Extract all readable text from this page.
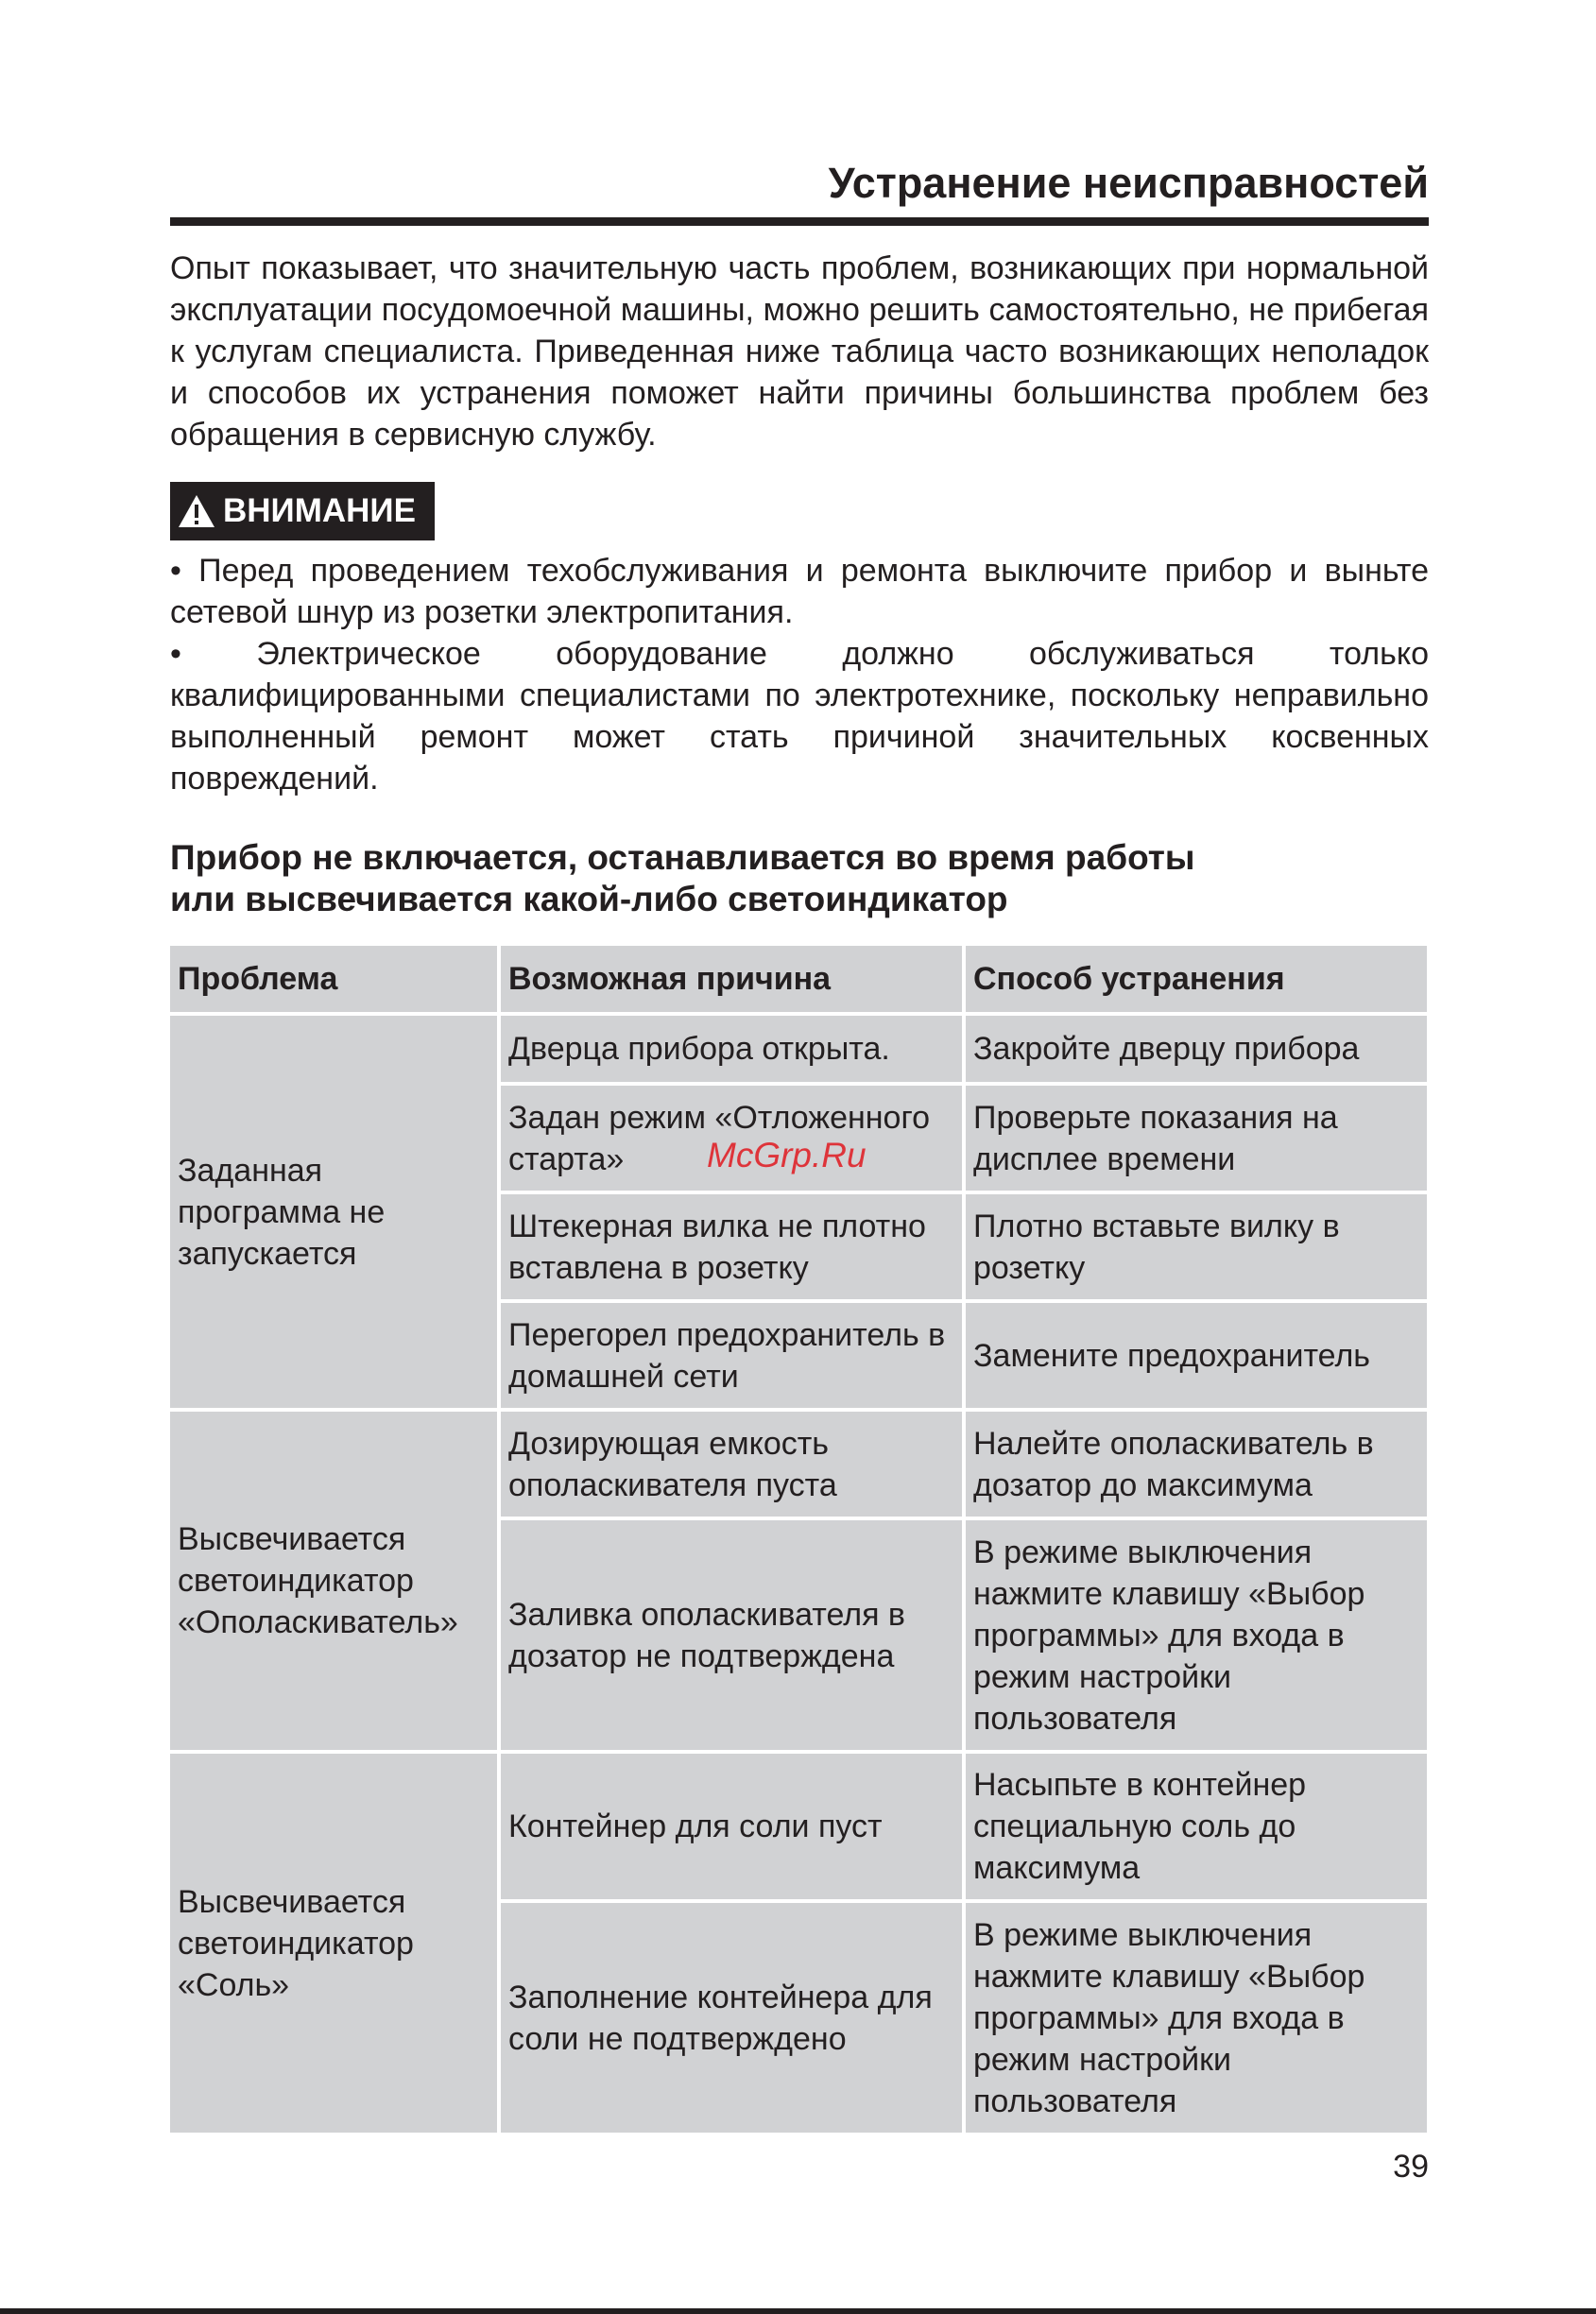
Устранение неисправностей

Опыт показывает, что значительную часть проблем, возникающих при нормальной эксплуатации посудомоечной машины, можно решить самостоятельно, не прибегая к услугам специалиста. Приведенная ниже таблица часто возникающих неполадок и способов их устранения поможет найти причины большинства проблем без обращения в сервисную службу.

ВНИМАНИЕ

• Перед проведением техобслуживания и ремонта выключите прибор и выньте сетевой шнур из розетки электропитания.

• Электрическое оборудование должно обслуживаться только квалифицированными специалистами по электротехнике, поскольку неправильно выполненный ремонт может стать причиной значительных косвенных повреждений.

Прибор не включается, останавливается во время работы
или высвечивается какой-либо светоиндикатор
Проблема	Возможная причина	Способ устранения
Заданная программа не запускается	Дверца прибора открыта.	Закройте дверцу прибора
	Задан режим «Отложенного старта»	Проверьте показания на дисплее времени
	Штекерная вилка не плотно вставлена в розетку	Плотно вставьте вилку в розетку
	Перегорел предохранитель в домашней сети	Замените предохранитель
Высвечивается светоиндикатор «Ополаскиватель»	Дозирующая емкость ополаскивателя пуста	Налейте ополаскиватель в дозатор до максимума
	Заливка ополаскивателя в дозатор не подтверждена	В режиме выключения нажмите клавишу «Выбор программы» для входа в режим настройки пользователя
Высвечивается светоиндикатор «Соль»	Контейнер для соли пуст	Насыпьте в контейнер специальную соль до максимума
	Заполнение контейнера для соли не подтверждено	В режиме выключения нажмите клавишу «Выбор программы» для входа в режим настройки пользователя

39

McGrp.Ru
